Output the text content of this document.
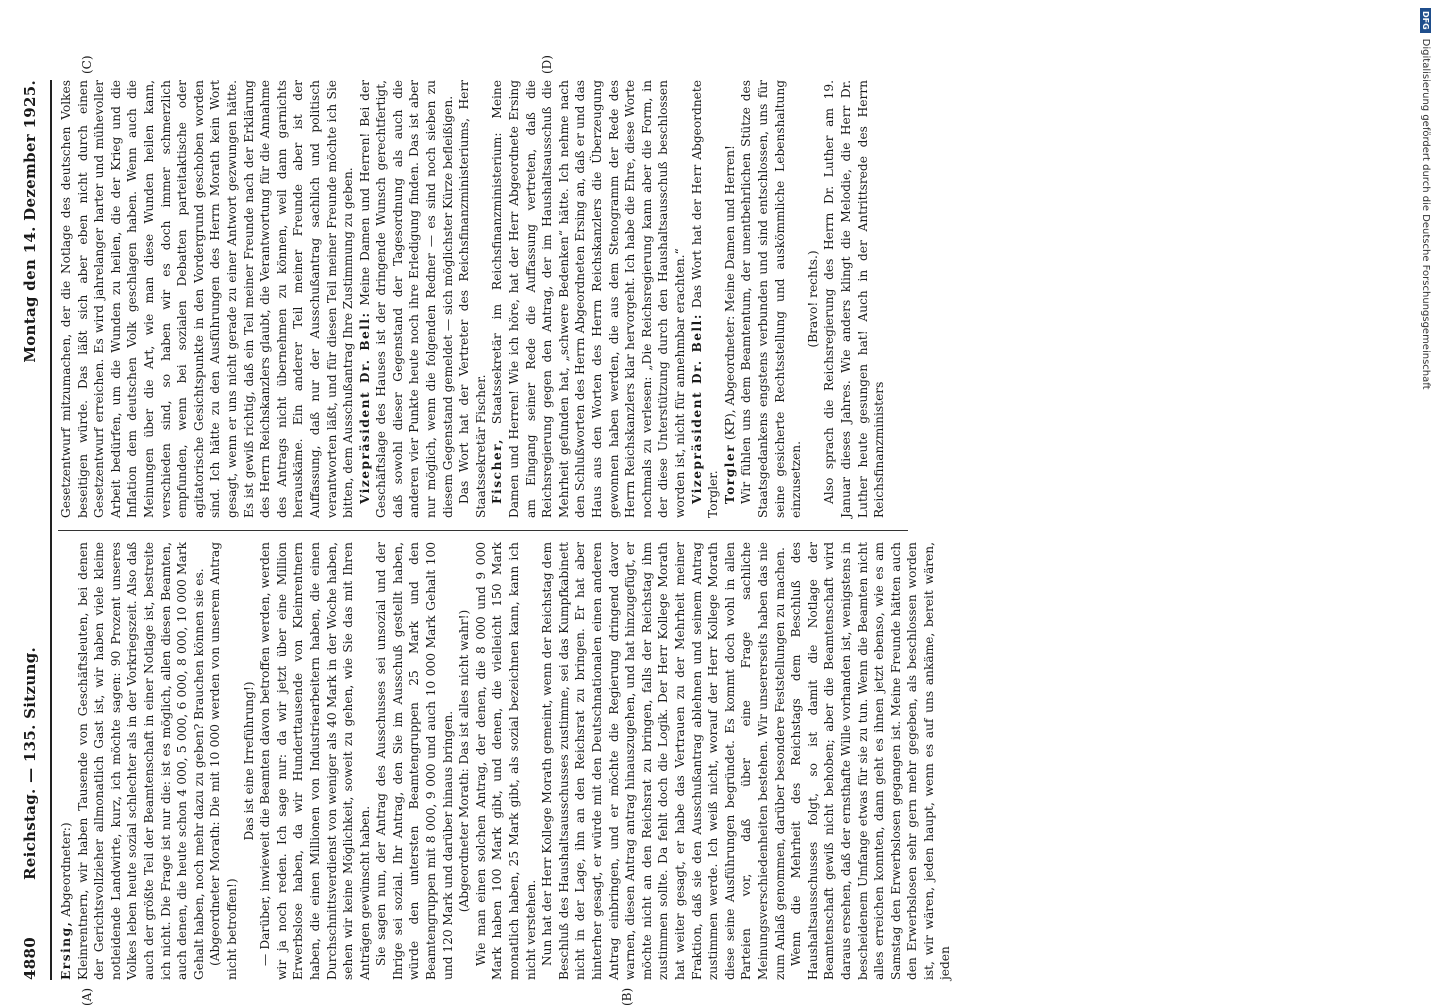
4880
Reichstag. — 135. Sitzung.
Montag den 14. Dezember 1925.
(A)	(B)
(C)	(D)

Ersing, Abgeordneter:) Kleinrentnern, wir haben Tausende von Geschäftsleuten, bei denen der Gerichtsvollzieher allmonatlich Gast ist, wir haben viele kleine notleidende Landwirte, kurz, ich möchte sagen: 90 Prozent unseres Volkes leben heute sozial schlechter als in der Vorkriegszeit. Also daß auch der größte Teil der Beamtenschaft in einer Notlage ist, bestreite ich nicht. Die Frage ist nur die: ist es möglich, allen diesen Beamten, auch denen, die heute schon 4 000, 5 000, 6 000, 8 000, 10 000 Mark Gehalt haben, noch mehr dazu zu geben? Brauchen können sie es. (Abgeordneter Morath: Die mit 10 000 werden von unserem Antrag nicht betroffen!)

Das ist eine Irreführung!) — Darüber, inwieweit die Beamten davon betroffen werden, werden wir ja noch reden. Ich sage nur: da wir jetzt über eine Million Erwerbslose haben, da wir Hunderttausende von Kleinrentnern haben, die einen Millionen von Industriearbeitern haben, die einen Durchschnittsverdienst von weniger als 40 Mark in der Woche haben, sehen wir keine Möglichkeit, soweit zu gehen, wie Sie das mit Ihren Anträgen gewünscht haben. Sie sagen nun, der Antrag des Ausschusses sei unsozial und der Ihrige sei sozial. Ihr Antrag, den Sie im Ausschuß gestellt haben, würde den untersten Beamtengruppen 25 Mark und den Beamtengruppen mit 8 000, 9 000 und auch 10 000 Mark Gehalt 100 und 120 Mark und darüber hinaus bringen. (Abgeordneter Morath: Das ist alles nicht wahr!) Wie man einen solchen Antrag, der denen, die 8 000 und 9 000 Mark haben 100 Mark gibt, und denen, die vielleicht 150 Mark monatlich haben, 25 Mark gibt, als sozial bezeichnen kann, kann ich nicht verstehen. Nun hat der Herr Kollege Morath gemeint, wenn der Reichstag dem Beschluß des Haushaltsausschusses zustimme, sei das Kumpfkabinett nicht in der Lage, ihn an den Reichsrat zu bringen. Er hat aber hinterher gesagt, er würde mit den Deutschnationalen einen anderen Antrag einbringen, und er möchte die Regierung dringend davor warnen, diesen Antrag antrag hinauszugehen, und hat hinzugefügt, er möchte nicht an den Reichsrat zu bringen, falls der Reichstag ihm zustimmen sollte. Da fehlt doch die Logik. Der Herr Kollege Morath hat weiter gesagt, er habe das Vertrauen zu der Mehrheit meiner Fraktion, daß sie den Ausschußantrag ablehnen und seinem Antrag zustimmen werde. Ich weiß nicht, worauf der Herr Kollege Morath diese seine Ausführungen begründet. Es kommt doch wohl in allen Parteien vor, daß über eine Frage sachliche Meinungsverschiedenheiten bestehen. Wir unsererseits haben das nie zum Anlaß genommen, darüber besondere Feststellungen zu machen. Wenn die Mehrheit des Reichstags dem Beschluß des Haushaltsausschusses folgt, so ist damit die Notlage der Beamtenschaft gewiß nicht behoben; aber die Beamtenschaft wird daraus ersehen, daß der ernsthafte Wille vorhanden ist, wenigstens in bescheidenem Umfange etwas für sie zu tun. Wenn die Beamten nicht alles erreichen konnten, dann geht es ihnen jetzt ebenso, wie es am Samstag den Erwerbslosen gegangen ist. Meine Freunde hätten auch den Erwerbslosen sehr gern mehr gegeben, als beschlossen worden ist, wir wären, jeden haupt, wenn es auf uns ankäme, bereit wären, jeden

Gesetzentwurf mitzumachen, der die Notlage des deutschen Volkes beseitigen würde. Das läßt sich aber eben nicht durch einen Gesetzentwurf erreichen. Es wird jahrelanger harter und mühevoller Arbeit bedürfen, um die Wunden zu heilen, die der Krieg und die Inflation dem deutschen Volk geschlagen haben. Wenn auch die Meinungen über die Art, wie man diese Wunden heilen kann, verschieden sind, so haben wir es doch immer schmerzlich empfunden, wenn bei sozialen Debatten parteitaktische oder agitatorische Gesichtspunkte in den Vordergrund geschoben worden sind. Ich hätte zu den Ausführungen des Herrn Morath kein Wort gesagt, wenn er uns nicht gerade zu einer Antwort gezwungen hätte. Es ist gewiß richtig, daß ein Teil meiner Freunde nach der Erklärung des Herrn Reichskanzlers glaubt, die Verantwortung für die Annahme des Antrags nicht übernehmen zu können, weil dann garnichts herauskäme. Ein anderer Teil meiner Freunde aber ist der Auffassung, daß nur der Ausschußantrag sachlich und politisch verantworten läßt, und für diesen Teil meiner Freunde möchte ich Sie bitten, dem Ausschußantrag Ihre Zustimmung zu geben. Vizepräsident Dr. Bell: Meine Damen und Herren! Bei der Geschäftslage des Hauses ist der dringende Wunsch gerechtfertigt, daß sowohl dieser Gegenstand der Tagesordnung als auch die anderen vier Punkte heute noch ihre Erledigung finden. Das ist aber nur möglich, wenn die folgenden Redner — es sind noch sieben zu diesem Gegenstand gemeldet — sich möglichster Kürze befleißigen. Das Wort hat der Vertreter des Reichsfinanzministeriums, Herr Staatssekretär Fischer. Fischer, Staatssekretär im Reichsfinanzministerium: Meine Damen und Herren! Wie ich höre, hat der Herr Abgeordnete Ersing am Eingang seiner Rede die Auffassung vertreten, daß die Reichsregierung gegen den Antrag, der im Haushaltsausschuß die Mehrheit gefunden hat, „schwere Bedenken“ hätte. Ich nehme nach den Schlußworten des Herrn Abgeordneten Ersing an, daß er und das Haus aus den Worten des Herrn Reichskanzlers die Überzeugung gewonnen haben werden, die aus dem Stenogramm der Rede des Herrn Reichskanzlers klar hervorgeht. Ich habe die Ehre, diese Worte nochmals zu verlesen: „Die Reichsregierung kann aber die Form, in der diese Unterstützung durch den Haushaltsausschuß beschlossen worden ist, nicht für annehmbar erachten.“ Vizepräsident Dr. Bell: Das Wort hat der Herr Abgeordnete Torgler. Torgler (KP), Abgeordneter: Meine Damen und Herren! Wir fühlen uns dem Beamtentum, der unentbehrlichen Stütze des Staatsgedankens engstens verbunden und sind entschlossen, uns für seine gesicherte Rechtsstellung und auskömmliche Lebenshaltung einzusetzen.

(Bravo! rechts.) Also sprach die Reichsregierung des Herrn Dr. Luther am 19. Januar dieses Jahres. Wie anders klingt die Melodie, die Herr Dr. Luther heute gesungen hat! Auch in der Antrittsrede des Herrn Reichsfinanzministers

DFG
Digitalisierung gefördert durch die Deutsche Forschungsgemeinschaft
